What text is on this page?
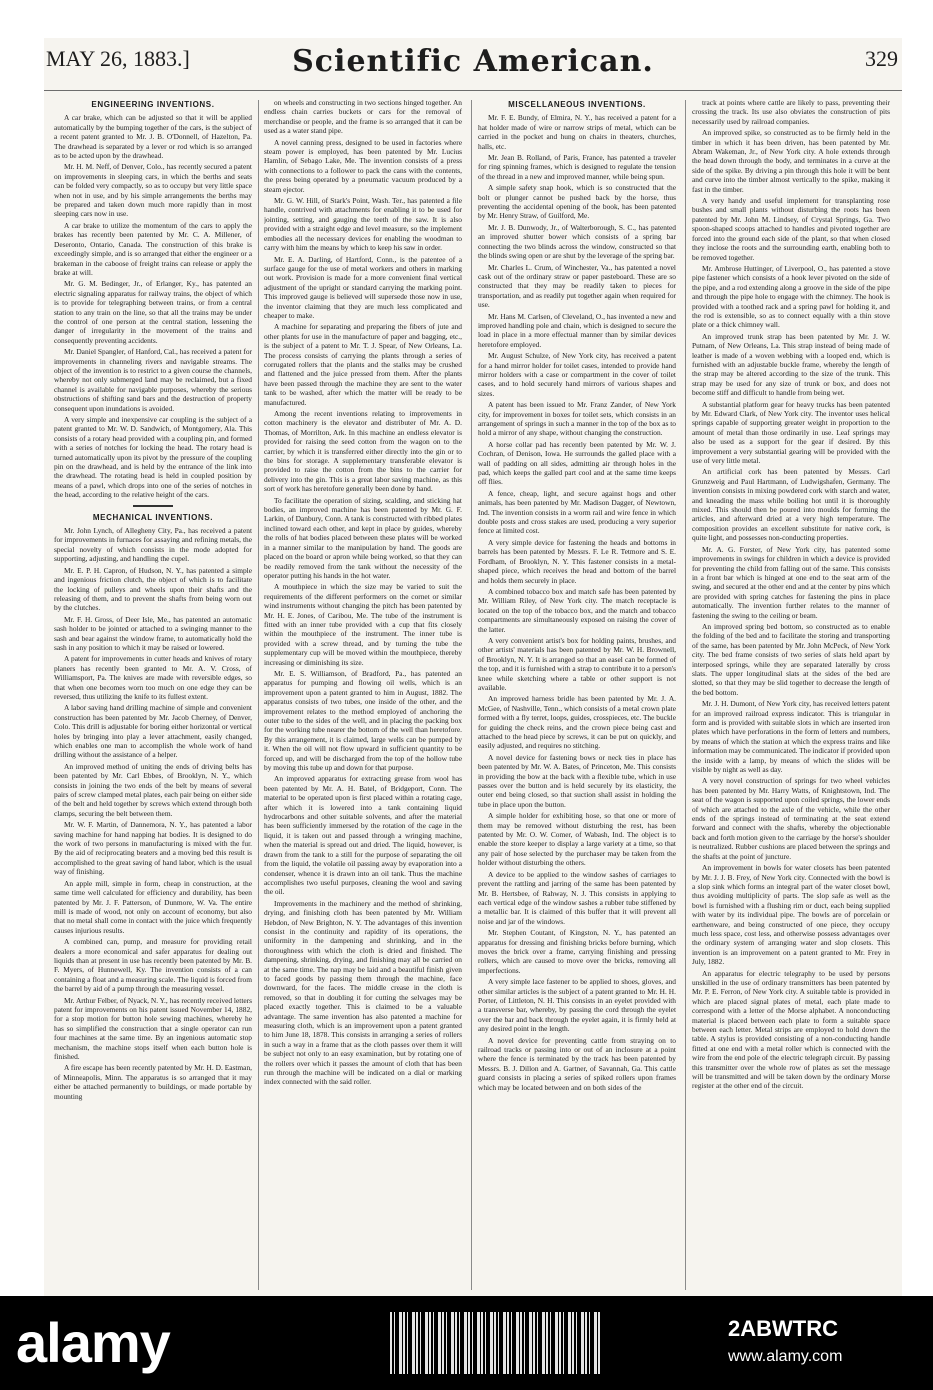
MAY 26, 1883.]	Scientific American.	329
ENGINEERING INVENTIONS.

A car brake, which can be adjusted so that it will be applied automatically by the bumping together of the cars, is the subject of a recent patent granted to Mr. J. B. O'Donnell, of Hazelton, Pa. The drawhead is separated by a lever or rod which is so arranged as to be acted upon by the drawhead.

Mr. H. M. Neff, of Denver, Colo., has recently secured a patent on improvements in sleeping cars, in which the berths and seats can be folded very compactly, so as to occupy but very little space when not in use, and by his simple arrangements the berths may be prepared and taken down much more rapidly than in most sleeping cars now in use.

A car brake to utilize the momentum of the cars to apply the brakes has recently been patented by Mr. C. A. Millener, of Deseronto, Ontario, Canada. The construction of this brake is exceedingly simple, and is so arranged that either the engineer or a brakeman in the caboose of freight trains can release or apply the brake at will.

Mr. G. M. Bedinger, Jr., of Erlanger, Ky., has patented an electric signaling apparatus for railway trains, the object of which is to provide for telegraphing between trains, or from a central station to any train on the line, so that all the trains may be under the control of one person at the central station, lessening the danger of irregularity in the movement of the trains and consequently preventing accidents.

Mr. Daniel Spangler, of Hanford, Cal., has received a patent for improvements in channeling rivers and navigable streams. The object of the invention is to restrict to a given course the channels, whereby not only submerged land may be reclaimed, but a fixed channel is available for navigable purposes, whereby the serious obstructions of shifting sand bars and the destruction of property consequent upon inundations is avoided.

A very simple and inexpensive car coupling is the subject of a patent granted to Mr. W. D. Sandwich, of Montgomery, Ala. This consists of a rotary head provided with a coupling pin, and formed with a series of notches for locking the head. The rotary head is turned automatically upon its pivot by the pressure of the coupling pin on the drawhead, and is held by the entrance of the link into the drawhead. The rotating head is held in coupled position by means of a pawl, which drops into one of the series of notches in the head, according to the relative height of the cars.

MECHANICAL INVENTIONS.

Mr. John Lynch, of Allegheny City, Pa., has received a patent for improvements in furnaces for assaying and refining metals, the special novelty of which consists in the mode adopted for supporting, adjusting, and handling the cupel.

Mr. E. P. H. Capron, of Hudson, N. Y., has patented a simple and ingenious friction clutch, the object of which is to facilitate the locking of pulleys and wheels upon their shafts and the releasing of them, and to prevent the shafts from being worn out by the clutches.

Mr. F. H. Gross, of Deer Isle, Me., has patented an automatic sash holder to be jointed or attached to a swinging manner to the sash and bear against the window frame, to automatically hold the sash in any position to which it may be raised or lowered.

A patent for improvements in cutter heads and knives of rotary planers has recently been granted to Mr. A. V. Cross, of Williamsport, Pa. The knives are made with reversible edges, so that when one becomes worn too much on one edge they can be reversed, thus utilizing the knife to its fullest extent.

A labor saving hand drilling machine of simple and convenient construction has been patented by Mr. Jacob Cherney, of Denver, Colo. This drill is adjustable for boring either horizontal or vertical holes by bringing into play a lever attachment, easily changed, which enables one man to accomplish the whole work of hand drilling without the assistance of a helper.

An improved method of uniting the ends of driving belts has been patented by Mr. Carl Ebbes, of Brooklyn, N. Y., which consists in joining the two ends of the belt by means of several pairs of screw clamped metal plates, each pair being on either side of the belt and held together by screws which extend through both clamps, securing the belt between them.

Mr. W. F. Martin, of Dannemora, N. Y., has patented a labor saving machine for hand napping hat bodies. It is designed to do the work of two persons in manufacturing is mixed with the fur. By the aid of reciprocating beaters and a moving bed this result is accomplished to the great saving of hand labor, which is the usual way of finishing.

An apple mill, simple in form, cheap in construction, at the same time well calculated for efficiency and durability, has been patented by Mr. J. F. Patterson, of Dunmore, W. Va. The entire mill is made of wood, not only on account of economy, but also that no metal shall come in contact with the juice which frequently causes injurious results.

A combined can, pump, and measure for providing retail dealers a more economical and safer apparatus for dealing out liquids than at present in use has recently been patented by Mr. B. F. Myers, of Hunnewell, Ky. The invention consists of a can containing a float and a measuring scale. The liquid is forced from the barrel by aid of a pump through the measuring vessel.

Mr. Arthur Felber, of Nyack, N. Y., has recently received letters patent for improvements on his patent issued November 14, 1882, for a stop motion for button hole sewing machines, whereby he has so simplified the construction that a single operator can run four machines at the same time. By an ingenious automatic stop mechanism, the machine stops itself when each button hole is finished.

A fire escape has been recently patented by Mr. H. D. Eastman, of Minneapolis, Minn. The apparatus is so arranged that it may either be attached permanently to buildings, or made portable by mounting

on wheels and constructing in two sections hinged together. An endless chain carries buckets or cars for the removal of merchandise or people, and the frame is so arranged that it can be used as a water stand pipe.

A novel canning press, designed to be used in factories where steam power is employed, has been patented by Mr. Lucius Hamlin, of Sebago Lake, Me. The invention consists of a press with connections to a follower to pack the cans with the contents, the press being operated by a pneumatic vacuum produced by a steam ejector.

Mr. G. W. Hill, of Stark's Point, Wash. Ter., has patented a file handle, contrived with attachments for enabling it to be used for jointing, setting, and gauging the teeth of the saw. It is also provided with a straight edge and level measure, so the implement embodies all the necessary devices for enabling the woodman to carry with him the means by which to keep his saw in order.

Mr. E. A. Darling, of Hartford, Conn., is the patentee of a surface gauge for the use of metal workers and others in marking out work. Provision is made for a more convenient final vertical adjustment of the upright or standard carrying the marking point. This improved gauge is believed will supersede those now in use, the inventor claiming that they are much less complicated and cheaper to make.

A machine for separating and preparing the fibers of jute and other plants for use in the manufacture of paper and bagging, etc., is the subject of a patent to Mr. T. J. Spear, of New Orleans, La. The process consists of carrying the plants through a series of corrugated rollers that the plants and the stalks may be crushed and flattened and the juice pressed from them. After the plants have been passed through the machine they are sent to the water tank to be washed, after which the matter will be ready to be manufactured.

Among the recent inventions relating to improvements in cotton machinery is the elevator and distributer of Mr. A. D. Thomas, of Morrilton, Ark. In this machine an endless elevator is provided for raising the seed cotton from the wagon on to the carrier, by which it is transferred either directly into the gin or to the bins for storage. A supplementary transferable elevator is provided to raise the cotton from the bins to the carrier for delivery into the gin. This is a great labor saving machine, as this sort of work has heretofore generally been done by hand.

To facilitate the operation of sizing, scalding, and sticking hat bodies, an improved machine has been patented by Mr. G. F. Larkin, of Danbury, Conn. A tank is constructed with ribbed plates inclined toward each other, and kept in place by guides, whereby the rolls of hat bodies placed between these plates will be worked in a manner similar to the manipulation by hand. The goods are placed on the board or apron while being worked, so that they can be readily removed from the tank without the necessity of the operator putting his hands in the hot water.

A mouthpiece in which the size may be varied to suit the requirements of the different performers on the cornet or similar wind instruments without changing the pitch has been patented by Mr. H. E. Jones, of Caribou, Me. The tube of the instrument is fitted with an inner tube provided with a cup that fits closely within the mouthpiece of the instrument. The inner tube is provided with a screw thread, and by turning the tube the supplementary cup will be moved within the mouthpiece, thereby increasing or diminishing its size.

Mr. E. S. Williamson, of Bradford, Pa., has patented an apparatus for pumping and flowing oil wells, which is an improvement upon a patent granted to him in August, 1882. The apparatus consists of two tubes, one inside of the other, and the improvement relates to the method employed of anchoring the outer tube to the sides of the well, and in placing the packing box for the working tube nearer the bottom of the well than heretofore. By this arrangement, it is claimed, large wells can be pumped by it. When the oil will not flow upward in sufficient quantity to be forced up, and will be discharged from the top of the hollow tube by moving this tube up and down for that purpose.

An improved apparatus for extracting grease from wool has been patented by Mr. A. H. Batel, of Bridgeport, Conn. The material to be operated upon is first placed within a rotating cage, after which it is lowered into a tank containing liquid hydrocarbons and other suitable solvents, and after the material has been sufficiently immersed by the rotation of the cage in the liquid, it is taken out and passed through a wringing machine, when the material is spread out and dried. The liquid, however, is drawn from the tank to a still for the purpose of separating the oil from the liquid, the volatile oil passing away by evaporation into a condenser, whence it is drawn into an oil tank. Thus the machine accomplishes two useful purposes, cleaning the wool and saving the oil.

Improvements in the machinery and the method of shrinking, drying, and finishing cloth has been patented by Mr. William Hebdon, of New Brighton, N. Y. The advantages of this invention consist in the continuity and rapidity of its operations, the uniformity in the dampening and shrinking, and in the thoroughness with which the cloth is dried and finished. The dampening, shrinking, drying, and finishing may all be carried on at the same time. The nap may be laid and a beautiful finish given to faced goods by passing them through the machine, face downward, for the faces. The middle crease in the cloth is removed, so that in doubling it for cutting the selvages may be placed exactly together. This is claimed to be a valuable advantage. The same invention has also patented a machine for measuring cloth, which is an improvement upon a patent granted to him June 18, 1878. This consists in arranging a series of rollers in such a way in a frame that as the cloth passes over them it will be subject not only to an easy examination, but by rotating one of the rollers over which it passes the amount of cloth that has been run through the machine will be indicated on a dial or marking index connected with the said roller.

MISCELLANEOUS INVENTIONS.

Mr. F. E. Bundy, of Elmira, N. Y., has received a patent for a hat holder made of wire or narrow strips of metal, which can be carried in the pocket and hung on chairs in theaters, churches, halls, etc.

Mr. Jean B. Rolland, of Paris, France, has patented a traveler for ring spinning frames, which is designed to regulate the tension of the thread in a new and improved manner, while being spun.

A simple safety snap hook, which is so constructed that the bolt or plunger cannot be pushed back by the horse, thus preventing the accidental opening of the book, has been patented by Mr. Henry Straw, of Guilford, Me.

Mr. J. B. Dunwody, Jr., of Walterborough, S. C., has patented an improved shutter bower which consists of a spring bar connecting the two blinds across the window, constructed so that the blinds swing open or are shut by the leverage of the spring bar.

Mr. Charles L. Crum, of Winchester, Va., has patented a novel cask out of the ordinary straw or paper pasteboard. These are so constructed that they may be readily taken to pieces for transportation, and as readily put together again when required for use.

Mr. Hans M. Carlsen, of Cleveland, O., has invented a new and improved handling pole and chain, which is designed to secure the load in place in a more effectual manner than by similar devices heretofore employed.

Mr. August Schulze, of New York city, has received a patent for a hand mirror holder for toilet cases, intended to provide hand mirror holders with a case or compartment in the cover of toilet cases, and to hold securely hand mirrors of various shapes and sizes.

A patent has been issued to Mr. Franz Zander, of New York city, for improvement in boxes for toilet sets, which consists in an arrangement of springs in such a manner in the top of the box as to hold a mirror of any shape, without changing the construction.

A horse collar pad has recently been patented by Mr. W. J. Cochran, of Denison, Iowa. He surrounds the galled place with a wall of padding on all sides, admitting air through holes in the pad, which keeps the galled part cool and at the same time keeps off flies.

A fence, cheap, light, and secure against hogs and other animals, has been patented by Mr. Madison Dagger, of Newtown, Ind. The invention consists in a worm rail and wire fence in which double posts and cross stakes are used, producing a very superior fence at limited cost.

A very simple device for fastening the heads and bottoms in barrels has been patented by Messrs. F. Le R. Tetmore and S. E. Fordham, of Brooklyn, N. Y. This fastener consists in a metal-shaped piece, which receives the head and bottom of the barrel and holds them securely in place.

A combined tobacco box and match safe has been patented by Mr. William Riley, of New York city. The match receptacle is located on the top of the tobacco box, and the match and tobacco compartments are simultaneously exposed on raising the cover of the latter.

A very convenient artist's box for holding paints, brushes, and other artists' materials has been patented by Mr. W. H. Brownell, of Brooklyn, N. Y. It is arranged so that an easel can be formed of the top, and it is furnished with a strap to contribute it to a person's knee while sketching where a table or other support is not available.

An improved harness bridle has been patented by Mr. J. A. McGee, of Nashville, Tenn., which consists of a metal crown plate formed with a fly terret, loops, guides, crosspieces, etc. The buckle for guiding the check reins, and the crown piece being cast and attached to the head piece by screws, it can be put on quickly, and easily adjusted, and requires no stitching.

A novel device for fastening bows or neck ties in place has been patented by Mr. W. A. Bates, of Princeton, Me. This consists in providing the bow at the back with a flexible tube, which in use passes over the button and is held securely by its elasticity, the outer end being closed, so that suction shall assist in holding the tube in place upon the button.

A simple holder for exhibiting hose, so that one or more of them may be removed without disturbing the rest, has been patented by Mr. O. W. Comer, of Wabash, Ind. The object is to enable the store keeper to display a large variety at a time, so that any pair of hose selected by the purchaser may be taken from the holder without disturbing the others.

A device to be applied to the window sashes of carriages to prevent the rattling and jarring of the same has been patented by Mr. B. Hertsbee, of Rahway, N. J. This consists in applying to each vertical edge of the window sashes a rubber tube stiffened by a metallic bar. It is claimed of this buffer that it will prevent all noise and jar of the windows.

Mr. Stephen Coutant, of Kingston, N. Y., has patented an apparatus for dressing and finishing bricks before burning, which moves the brick over a frame, carrying finishing and pressing rollers, which are caused to move over the bricks, removing all imperfections.

A very simple lace fastener to be applied to shoes, gloves, and other similar articles is the subject of a patent granted to Mr. H. H. Porter, of Littleton, N. H. This consists in an eyelet provided with a transverse bar, whereby, by passing the cord through the eyelet over the bar and back through the eyelet again, it is firmly held at any desired point in the length.

A novel device for preventing cattle from straying on to railroad tracks or passing into or out of an inclosure at a point where the fence is terminated by the track has been patented by Messrs. B. J. Dillon and A. Gartner, of Savannah, Ga. This cattle guard consists in placing a series of spiked rollers upon frames which may be located between and on both sides of the

track at points where cattle are likely to pass, preventing their crossing the track. Its use also obviates the construction of pits necessarily used by railroad companies.

An improved spike, so constructed as to be firmly held in the timber in which it has been driven, has been patented by Mr. Abram Wakeman, Jr., of New York city. A hole extends through the head down through the body, and terminates in a curve at the side of the spike. By driving a pin through this hole it will be bent and curve into the timber almost vertically to the spike, making it fast in the timber.

A very handy and useful implement for transplanting rose bushes and small plants without disturbing the roots has been patented by Mr. John M. Lindsey, of Crystal Springs, Ga. Two spoon-shaped scoops attached to handles and pivoted together are forced into the ground each side of the plant, so that when closed they inclose the roots and the surrounding earth, enabling both to be removed together.

Mr. Ambrose Huttinger, of Liverpool, O., has patented a stove pipe fastener which consists of a hook lever pivoted on the side of the pipe, and a rod extending along a groove in the side of the pipe and through the pipe hole to engage with the chimney. The hook is provided with a toothed rack and a spring pawl for holding it, and the rod is extensible, so as to connect equally with a thin stove plate or a thick chimney wall.

An improved trunk strap has been patented by Mr. J. W. Putnam, of New Orleans, La. This strap instead of being made of leather is made of a woven webbing with a looped end, which is furnished with an adjustable buckle frame, whereby the length of the strap may be altered according to the size of the trunk. This strap may be used for any size of trunk or box, and does not become stiff and difficult to handle from being wet.

A substantial platform gear for heavy trucks has been patented by Mr. Edward Clark, of New York city. The inventor uses helical springs capable of supporting greater weight in proportion to the amount of metal than those ordinarily in use. Leaf springs may also be used as a support for the gear if desired. By this improvement a very substantial gearing will be provided with the use of very little metal.

An artificial cork has been patented by Messrs. Carl Grunzweig and Paul Hartmann, of Ludwigshafen, Germany. The invention consists in mixing powdered cork with starch and water, and kneading the mass while boiling hot until it is thoroughly mixed. This should then be poured into moulds for forming the articles, and afterward dried at a very high temperature. The composition provides an excellent substitute for native cork, is quite light, and possesses non-conducting properties.

Mr. A. G. Forster, of New York city, has patented some improvements in swings for children in which a device is provided for preventing the child from falling out of the same. This consists in a front bar which is hinged at one end to the seat arm of the swing, and secured at the other end and at the center by pins which are provided with spring catches for fastening the pins in place automatically. The invention further relates to the manner of fastening the swing to the ceiling or beam.

An improved spring bed bottom, so constructed as to enable the folding of the bed and to facilitate the storing and transporting of the same, has been patented by Mr. John McPeck, of New York city. The bed frame consists of two series of slats held apart by interposed springs, while they are separated laterally by cross slats. The upper longitudinal slats at the sides of the bed are slotted, so that they may be slid together to decrease the length of the bed bottom.

Mr. J. H. Dumont, of New York city, has received letters patent for an improved railroad express indicator. This is triangular in form and is provided with suitable slots in which are inserted iron plates which have perforations in the form of letters and numbers, by means of which the station at which the express trains and like information may be communicated. The indicator if provided upon the inside with a lamp, by means of which the slides will be visible by night as well as day.

A very novel construction of springs for two wheel vehicles has been patented by Mr. Harry Watts, of Knightstown, Ind. The seat of the wagon is supported upon coiled springs, the lower ends of which are attached to the axle of the vehicle, while the other ends of the springs instead of terminating at the seat extend forward and connect with the shafts, whereby the objectionable back and forth motion given to the carriage by the horse's shoulder is neutralized. Rubber cushions are placed between the springs and the shafts at the point of juncture.

An improvement in bowls for water closets has been patented by Mr. J. J. B. Frey, of New York city. Connected with the bowl is a slop sink which forms an integral part of the water closet bowl, thus avoiding multiplicity of parts. The slop safe as well as the bowl is furnished with a flushing rim or duct, each being supplied with water by its individual pipe. The bowls are of porcelain or earthenware, and being constructed of one piece, they occupy much less space, cost less, and otherwise possess advantages over the ordinary system of arranging water and slop closets. This invention is an improvement on a patent granted to Mr. Frey in July, 1882.

An apparatus for electric telegraphy to be used by persons unskilled in the use of ordinary transmitters has been patented by Mr. P. E. Ferron, of New York city. A suitable table is provided in which are placed signal plates of metal, each plate made to correspond with a letter of the Morse alphabet. A nonconducting material is placed between each plate to form a suitable space between each letter. Metal strips are employed to hold down the table. A stylus is provided consisting of a non-conducting handle fitted at one end with a metal roller which is connected with the wire from the end pole of the electric telegraph circuit. By passing this transmitter over the whole row of plates as set the message will be transmitted and will be taken down by the ordinary Morse register at the other end of the circuit.

alamy	2ABWTRC
www.alamy.com
